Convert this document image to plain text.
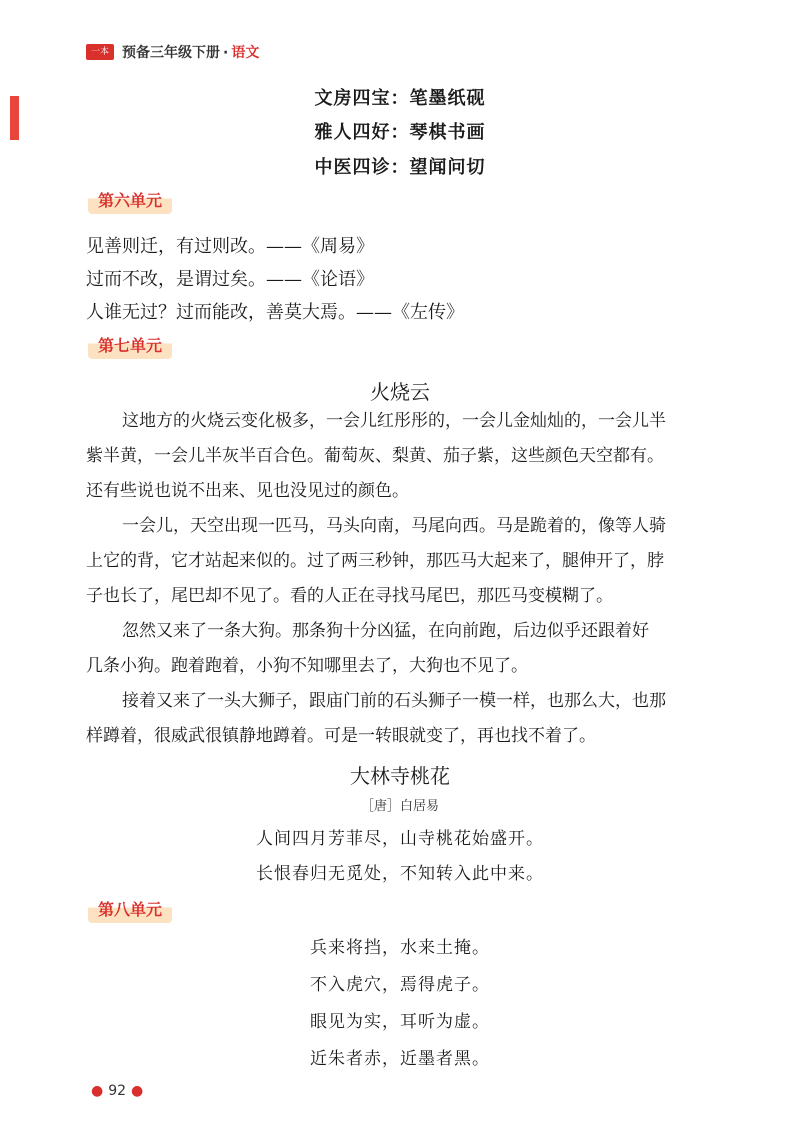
一本 预备三年级下册 · 语文
文房四宝：笔墨纸砚
雅人四好：琴棋书画
中医四诊：望闻问切
第六单元
见善则迁，有过则改。——《周易》
过而不改，是谓过矣。——《论语》
人谁无过？过而能改，善莫大焉。——《左传》
第七单元
火烧云
这地方的火烧云变化极多，一会儿红彤彤的，一会儿金灿灿的，一会儿半
紫半黄，一会儿半灰半百合色。葡萄灰、梨黄、茄子紫，这些颜色天空都有。
还有些说也说不出来、见也没见过的颜色。
一会儿，天空出现一匹马，马头向南，马尾向西。马是跪着的，像等人骑
上它的背，它才站起来似的。过了两三秒钟，那匹马大起来了，腿伸开了，脖
子也长了，尾巴却不见了。看的人正在寻找马尾巴，那匹马变模糊了。
忽然又来了一条大狗。那条狗十分凶猛，在向前跑，后边似乎还跟着好
几条小狗。跑着跑着，小狗不知哪里去了，大狗也不见了。
接着又来了一头大狮子，跟庙门前的石头狮子一模一样，也那么大，也那
样蹲着，很威武很镇静地蹲着。可是一转眼就变了，再也找不着了。
大林寺桃花
［唐］白居易
人间四月芳菲尽，山寺桃花始盛开。
长恨春归无觅处，不知转入此中来。
第八单元
兵来将挡，水来土掩。
不入虎穴，焉得虎子。
眼见为实，耳听为虚。
近朱者赤，近墨者黑。
● 92 ●
